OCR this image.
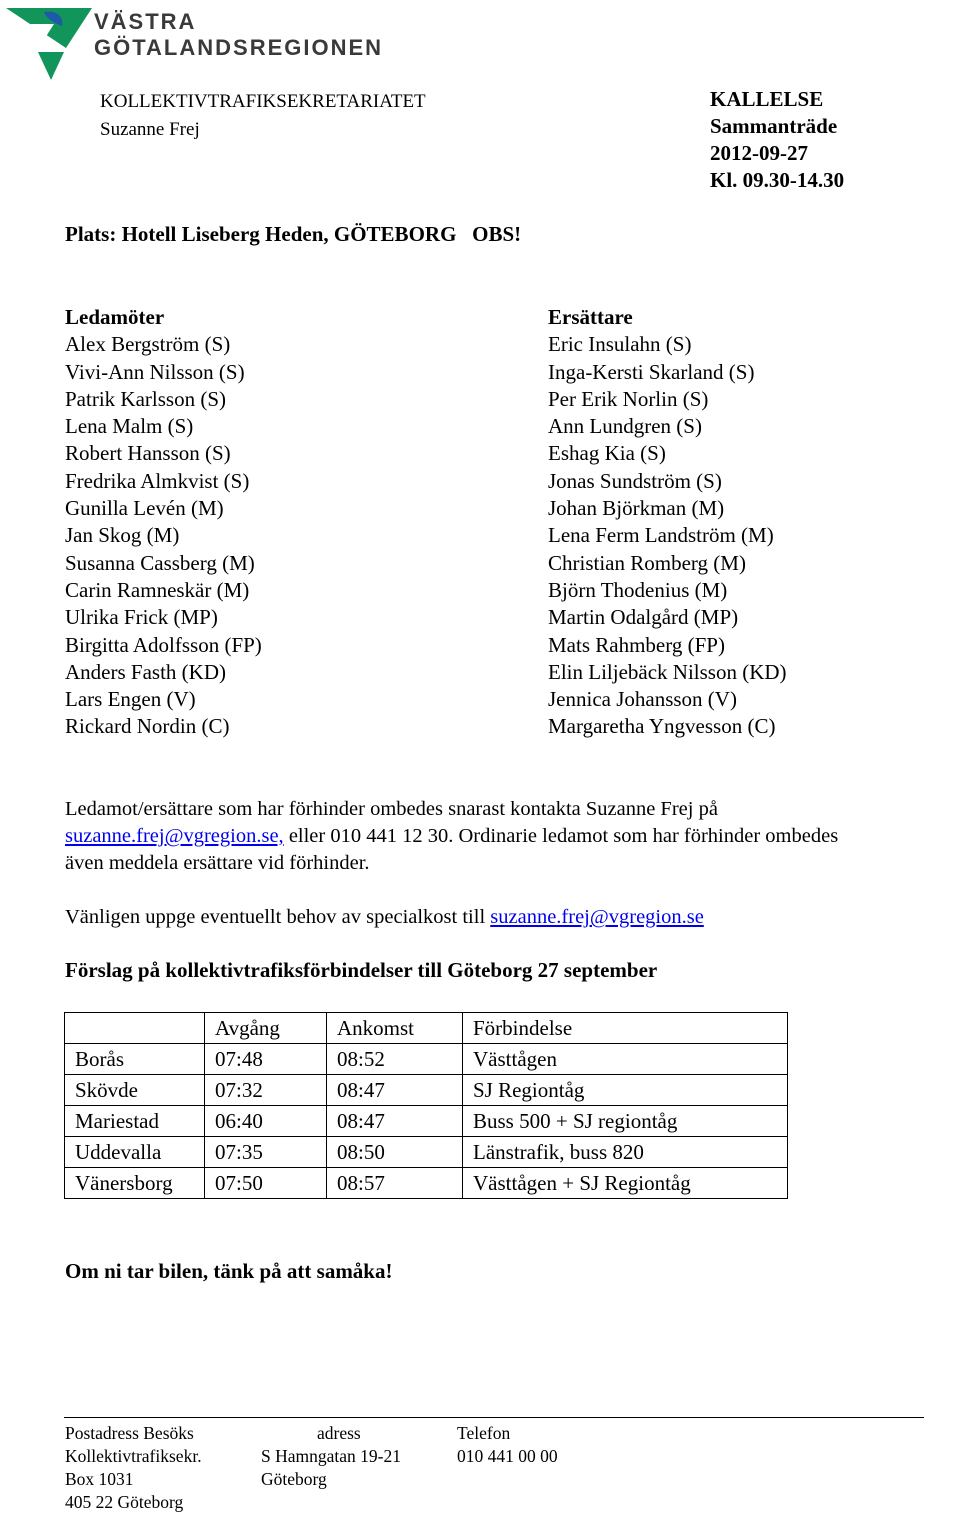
VÄSTRA
GÖTALANDSREGIONEN
KOLLEKTIVTRAFIKSEKRETARIATET
Suzanne Frej
KALLELSE
Sammanträde
2012-09-27
Kl. 09.30-14.30
Plats: Hotell Liseberg Heden, GÖTEBORG   OBS!
Ledamöter
Alex Bergström (S)
Vivi-Ann Nilsson (S)
Patrik Karlsson (S)
Lena Malm (S)
Robert Hansson (S)
Fredrika Almkvist (S)
Gunilla Levén (M)
Jan Skog (M)
Susanna Cassberg (M)
Carin Ramneskär (M)
Ulrika Frick (MP)
Birgitta Adolfsson (FP)
Anders Fasth (KD)
Lars Engen (V)
Rickard Nordin (C)
Ersättare
Eric Insulahn (S)
Inga-Kersti Skarland (S)
Per Erik Norlin (S)
Ann Lundgren (S)
Eshag Kia (S)
Jonas Sundström (S)
Johan Björkman (M)
Lena Ferm Landström (M)
Christian Romberg (M)
Björn Thodenius (M)
Martin Odalgård (MP)
Mats Rahmberg (FP)
Elin Liljebäck Nilsson (KD)
Jennica Johansson (V)
Margaretha Yngvesson (C)
Ledamot/ersättare som har förhinder ombedes snarast kontakta Suzanne Frej på
suzanne.frej@vgregion.se, eller 010 441 12 30. Ordinarie ledamot som har förhinder ombedes
även meddela ersättare vid förhinder.
Vänligen uppge eventuellt behov av specialkost till suzanne.frej@vgregion.se
Förslag på kollektivtrafiksförbindelser till Göteborg 27 september
	Avgång	Ankomst	Förbindelse
Borås	07:48	08:52	Västtågen
Skövde	07:32	08:47	SJ Regiontåg
Mariestad	06:40	08:47	Buss 500 + SJ regiontåg
Uddevalla	07:35	08:50	Länstrafik, buss 820
Vänersborg	07:50	08:57	Västtågen + SJ Regiontåg
Om ni tar bilen, tänk på att samåka!
Postadress Besöks
Kollektivtrafiksekr.
Box 1031
405 22 Göteborg
adress
S Hamngatan 19-21
Göteborg
Telefon
010 441 00 00
